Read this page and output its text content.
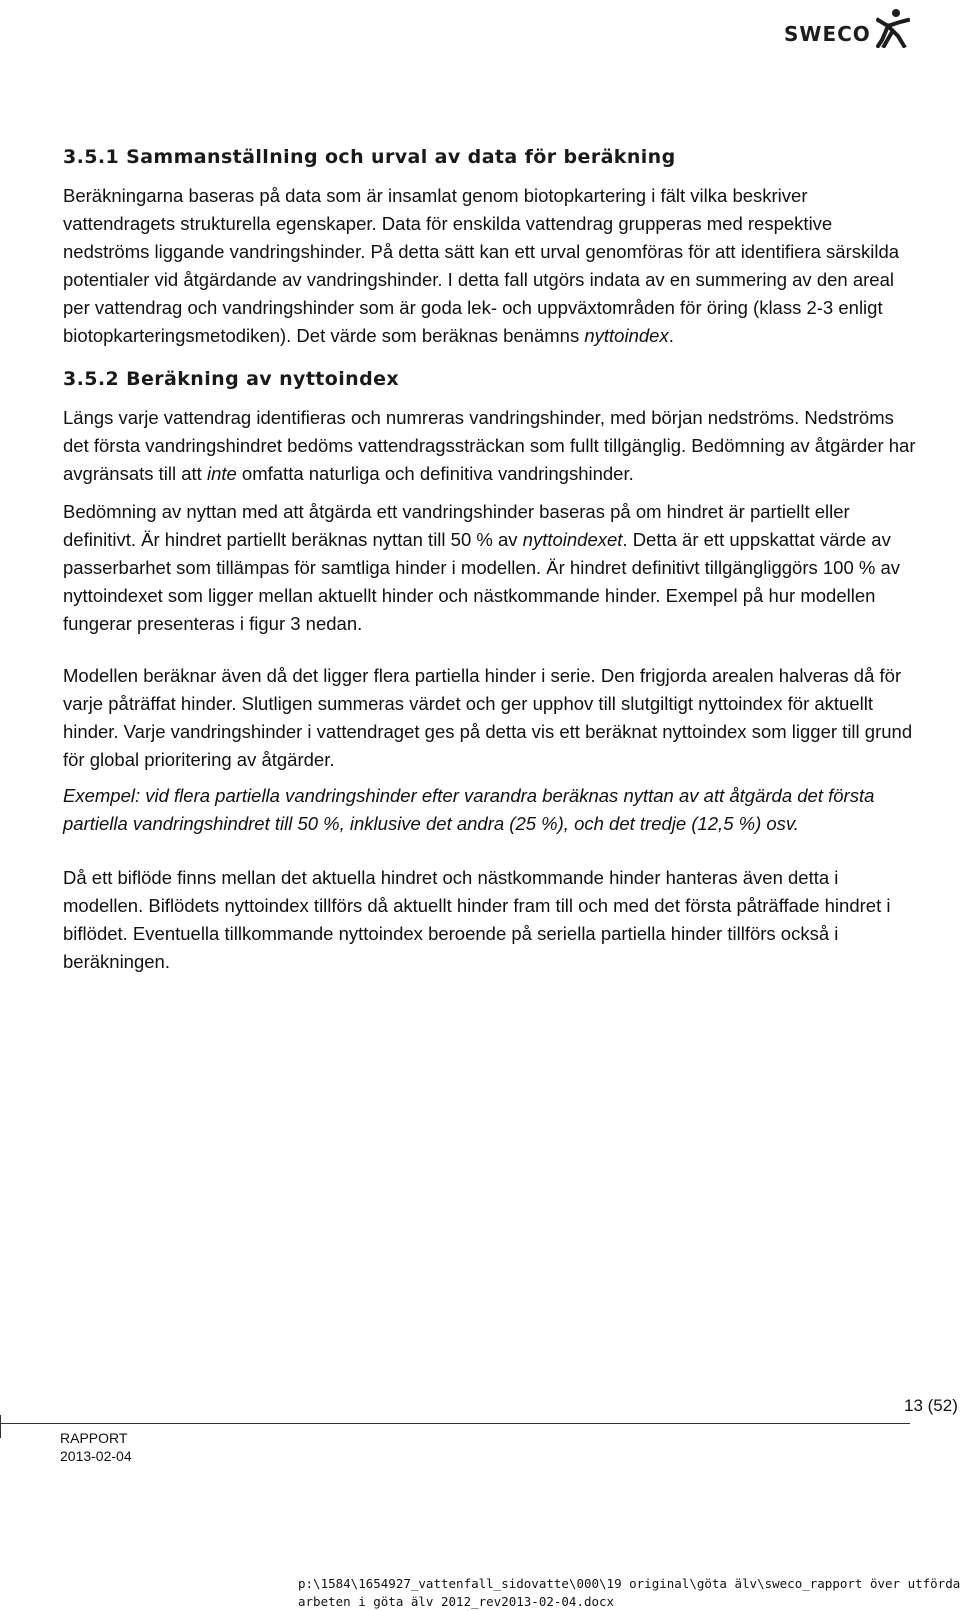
SWECO
3.5.1 Sammanställning och urval av data för beräkning

Beräkningarna baseras på data som är insamlat genom biotopkartering i fält vilka beskriver vattendragets strukturella egenskaper. Data för enskilda vattendrag grupperas med respektive nedströms liggande vandringshinder. På detta sätt kan ett urval genomföras för att identifiera särskilda potentialer vid åtgärdande av vandringshinder. I detta fall utgörs indata av en summering av den areal per vattendrag och vandringshinder som är goda lek- och uppväxtområden för öring (klass 2-3 enligt biotopkarteringsmetodiken). Det värde som beräknas benämns nyttoindex.

3.5.2 Beräkning av nyttoindex

Längs varje vattendrag identifieras och numreras vandringshinder, med början nedströms. Nedströms det första vandringshindret bedöms vattendragssträckan som fullt tillgänglig. Bedömning av åtgärder har avgränsats till att inte omfatta naturliga och definitiva vandringshinder.

Bedömning av nyttan med att åtgärda ett vandringshinder baseras på om hindret är partiellt eller definitivt. Är hindret partiellt beräknas nyttan till 50 % av nyttoindexet. Detta är ett uppskattat värde av passerbarhet som tillämpas för samtliga hinder i modellen. Är hindret definitivt tillgängliggörs 100 % av nyttoindexet som ligger mellan aktuellt hinder och nästkommande hinder. Exempel på hur modellen fungerar presenteras i figur 3 nedan.

Modellen beräknar även då det ligger flera partiella hinder i serie. Den frigjorda arealen halveras då för varje påträffat hinder. Slutligen summeras värdet och ger upphov till slutgiltigt nyttoindex för aktuellt hinder. Varje vandringshinder i vattendraget ges på detta vis ett beräknat nyttoindex som ligger till grund för global prioritering av åtgärder.

Exempel: vid flera partiella vandringshinder efter varandra beräknas nyttan av att åtgärda det första partiella vandringshindret till 50 %, inklusive det andra (25 %), och det tredje (12,5 %) osv.

Då ett biflöde finns mellan det aktuella hindret och nästkommande hinder hanteras även detta i modellen. Biflödets nyttoindex tillförs då aktuellt hinder fram till och med det första påträffade hindret i biflödet. Eventuella tillkommande nyttoindex beroende på seriella partiella hinder tillförs också i beräkningen.

13 (52)
RAPPORT
2013-02-04
p:\1584\1654927_vattenfall_sidovatte\000\19 original\göta älv\sweco_rapport över utförda
arbeten i göta älv 2012_rev2013-02-04.docx
